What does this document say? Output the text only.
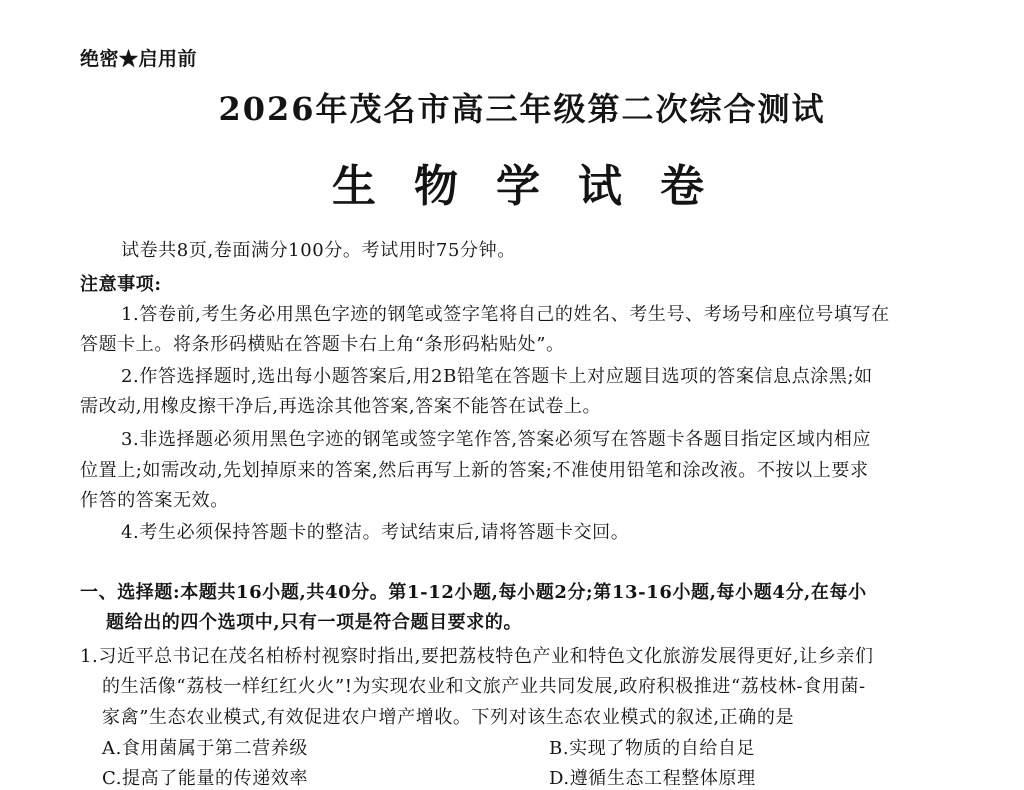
绝密★启用前
2026年茂名市高三年级第二次综合测试
生物学试卷
试卷共8页,卷面满分100分。考试用时75分钟。
注意事项:
1.答卷前,考生务必用黑色字迹的钢笔或签字笔将自己的姓名、考生号、考场号和座位号填写在
答题卡上。将条形码横贴在答题卡右上角“条形码粘贴处”。
2.作答选择题时,选出每小题答案后,用2B铅笔在答题卡上对应题目选项的答案信息点涂黑;如
需改动,用橡皮擦干净后,再选涂其他答案,答案不能答在试卷上。
3.非选择题必须用黑色字迹的钢笔或签字笔作答,答案必须写在答题卡各题目指定区域内相应
位置上;如需改动,先划掉原来的答案,然后再写上新的答案;不准使用铅笔和涂改液。不按以上要求
作答的答案无效。
4.考生必须保持答题卡的整洁。考试结束后,请将答题卡交回。
一、选择题:本题共16小题,共40分。第1-12小题,每小题2分;第13-16小题,每小题4分,在每小
题给出的四个选项中,只有一项是符合题目要求的。
1.习近平总书记在茂名柏桥村视察时指出,要把荔枝特色产业和特色文化旅游发展得更好,让乡亲们
的生活像“荔枝一样红红火火”!为实现农业和文旅产业共同发展,政府积极推进“荔枝林-食用菌-
家禽”生态农业模式,有效促进农户增产增收。下列对该生态农业模式的叙述,正确的是
A.食用菌属于第二营养级	B.实现了物质的自给自足
C.提高了能量的传递效率	D.遵循生态工程整体原理
